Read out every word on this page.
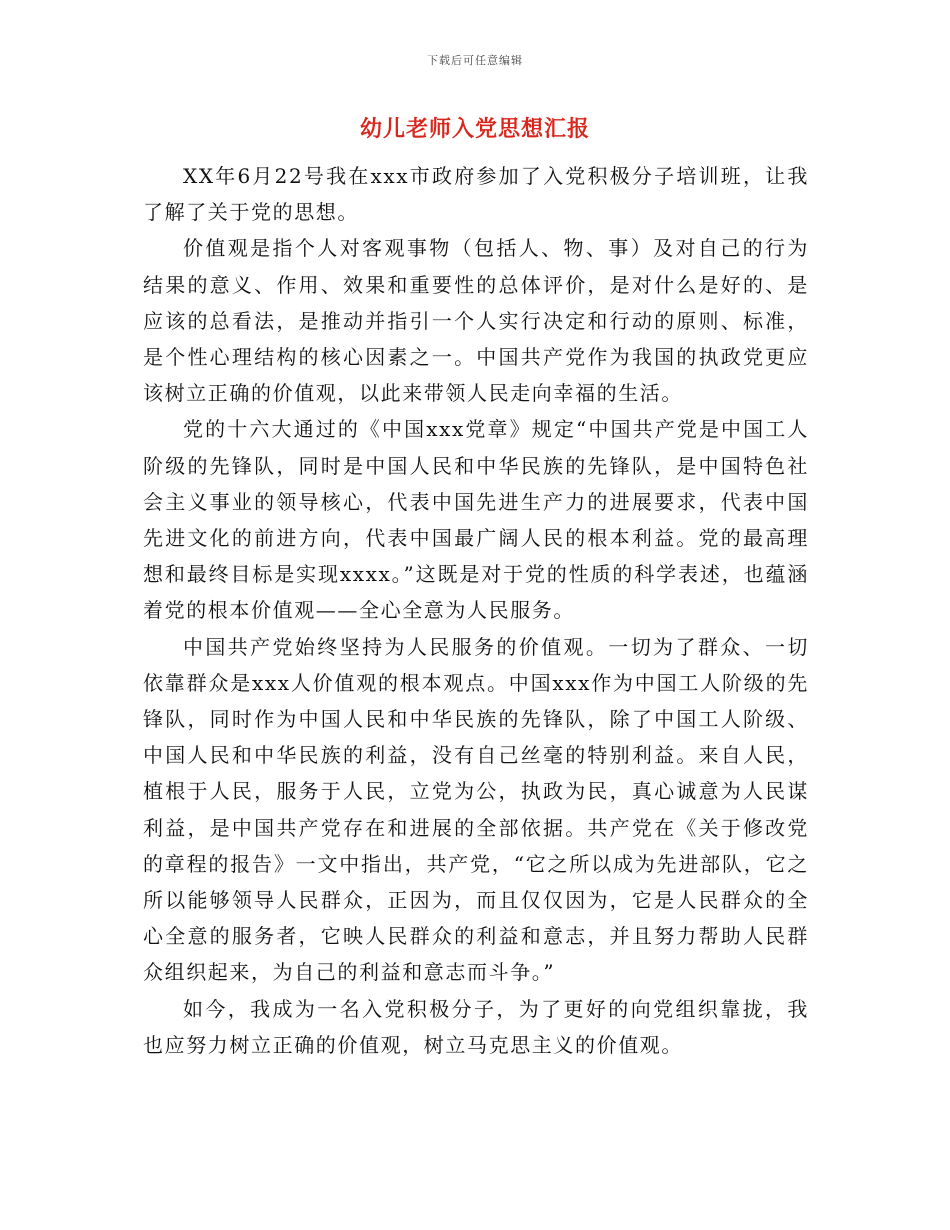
下载后可任意编辑
幼儿老师入党思想汇报

XX年6月22号我在xxx市政府参加了入党积极分子培训班，让我了解了关于党的思想。

价值观是指个人对客观事物（包括人、物、事）及对自己的行为结果的意义、作用、效果和重要性的总体评价，是对什么是好的、是应该的总看法，是推动并指引一个人实行决定和行动的原则、标准，是个性心理结构的核心因素之一。中国共产党作为我国的执政党更应该树立正确的价值观，以此来带领人民走向幸福的生活。

党的十六大通过的《中国xxx党章》规定“中国共产党是中国工人阶级的先锋队，同时是中国人民和中华民族的先锋队，是中国特色社会主义事业的领导核心，代表中国先进生产力的进展要求，代表中国先进文化的前进方向，代表中国最广阔人民的根本利益。党的最高理想和最终目标是实现xxxx。”这既是对于党的性质的科学表述，也蕴涵着党的根本价值观——全心全意为人民服务。

中国共产党始终坚持为人民服务的价值观。一切为了群众、一切依靠群众是xxx人价值观的根本观点。中国xxx作为中国工人阶级的先锋队，同时作为中国人民和中华民族的先锋队，除了中国工人阶级、中国人民和中华民族的利益，没有自己丝毫的特别利益。来自人民，植根于人民，服务于人民，立党为公，执政为民，真心诚意为人民谋利益，是中国共产党存在和进展的全部依据。共产党在《关于修改党的章程的报告》一文中指出，共产党，“它之所以成为先进部队，它之所以能够领导人民群众，正因为，而且仅仅因为，它是人民群众的全心全意的服务者，它映人民群众的利益和意志，并且努力帮助人民群众组织起来，为自己的利益和意志而斗争。”

如今，我成为一名入党积极分子，为了更好的向党组织靠拢，我也应努力树立正确的价值观，树立马克思主义的价值观。
